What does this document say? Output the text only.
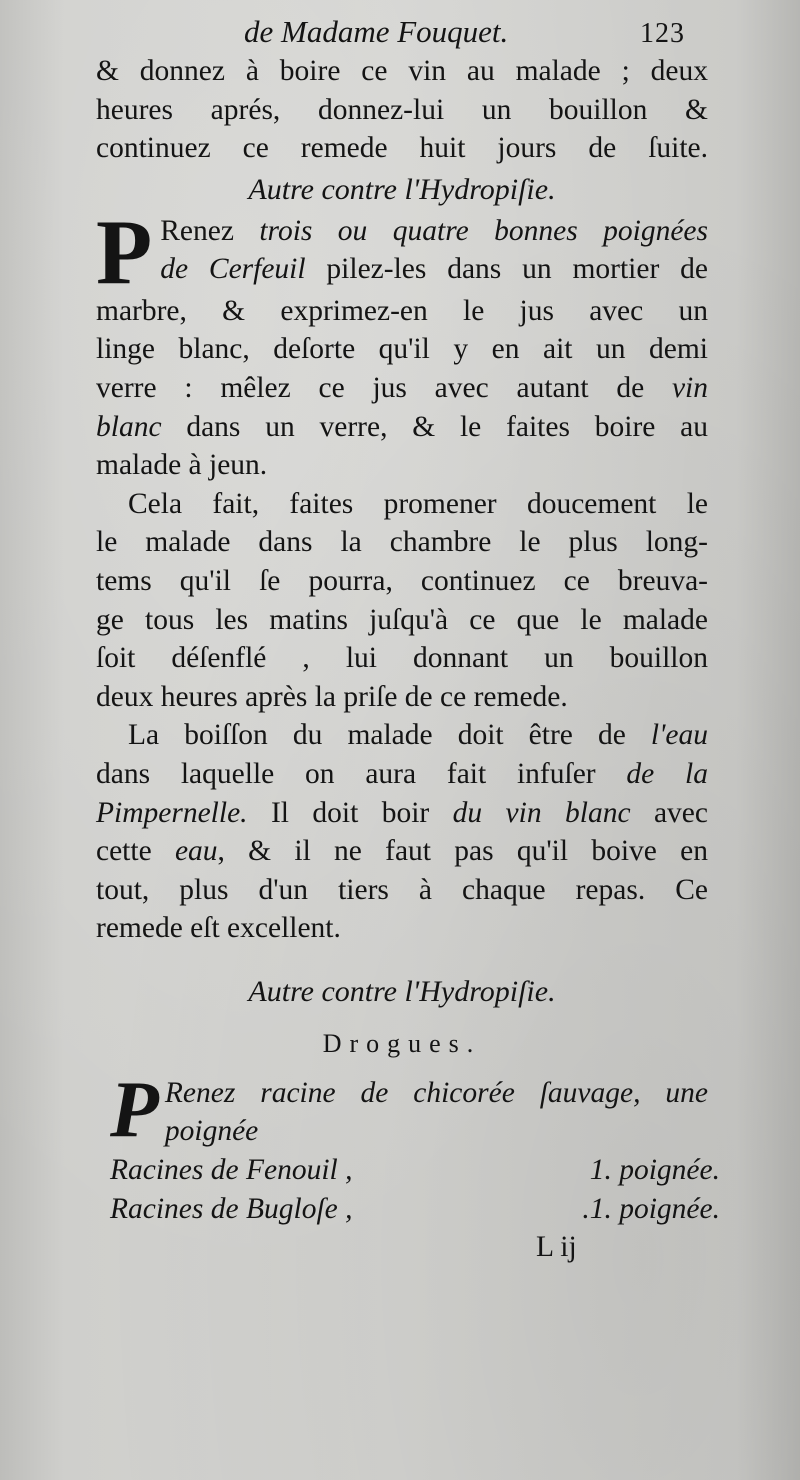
de Madame Fouquet.	123
& donnez à boire ce vin au malade ; deux
heures aprés, donnez-lui un bouillon &
continuez ce remede huit jours de ſuite.
Autre contre l'Hydropiſie.
P Renez trois ou quatre bonnes poignées
de Cerfeuil pilez-les dans un mortier de
marbre, & exprimez-en le jus avec un
linge blanc, deſorte qu'il y en ait un demi
verre : mêlez ce jus avec autant de vin
blanc dans un verre, & le faites boire au
malade à jeun.
Cela fait, faites promener doucement le
le malade dans la chambre le plus long-
tems qu'il ſe pourra, continuez ce breuva-
ge tous les matins juſqu'à ce que le malade
ſoit déſenflé , lui donnant un bouillon
deux heures après la priſe de ce remede.
La boiſſon du malade doit être de l'eau
dans laquelle on aura fait infuſer de la
Pimpernelle. Il doit boir du vin blanc avec
cette eau, & il ne faut pas qu'il boive en
tout, plus d'un tiers à chaque repas. Ce
remede eſt excellent.
Autre contre l'Hydropiſie.
Drogues.
P Renez racine de chicorée ſauvage, une
poignée
Racines de Fenouil ,	1. poignée.
Racines de Bugloſe ,	.1. poignée.
L ij
